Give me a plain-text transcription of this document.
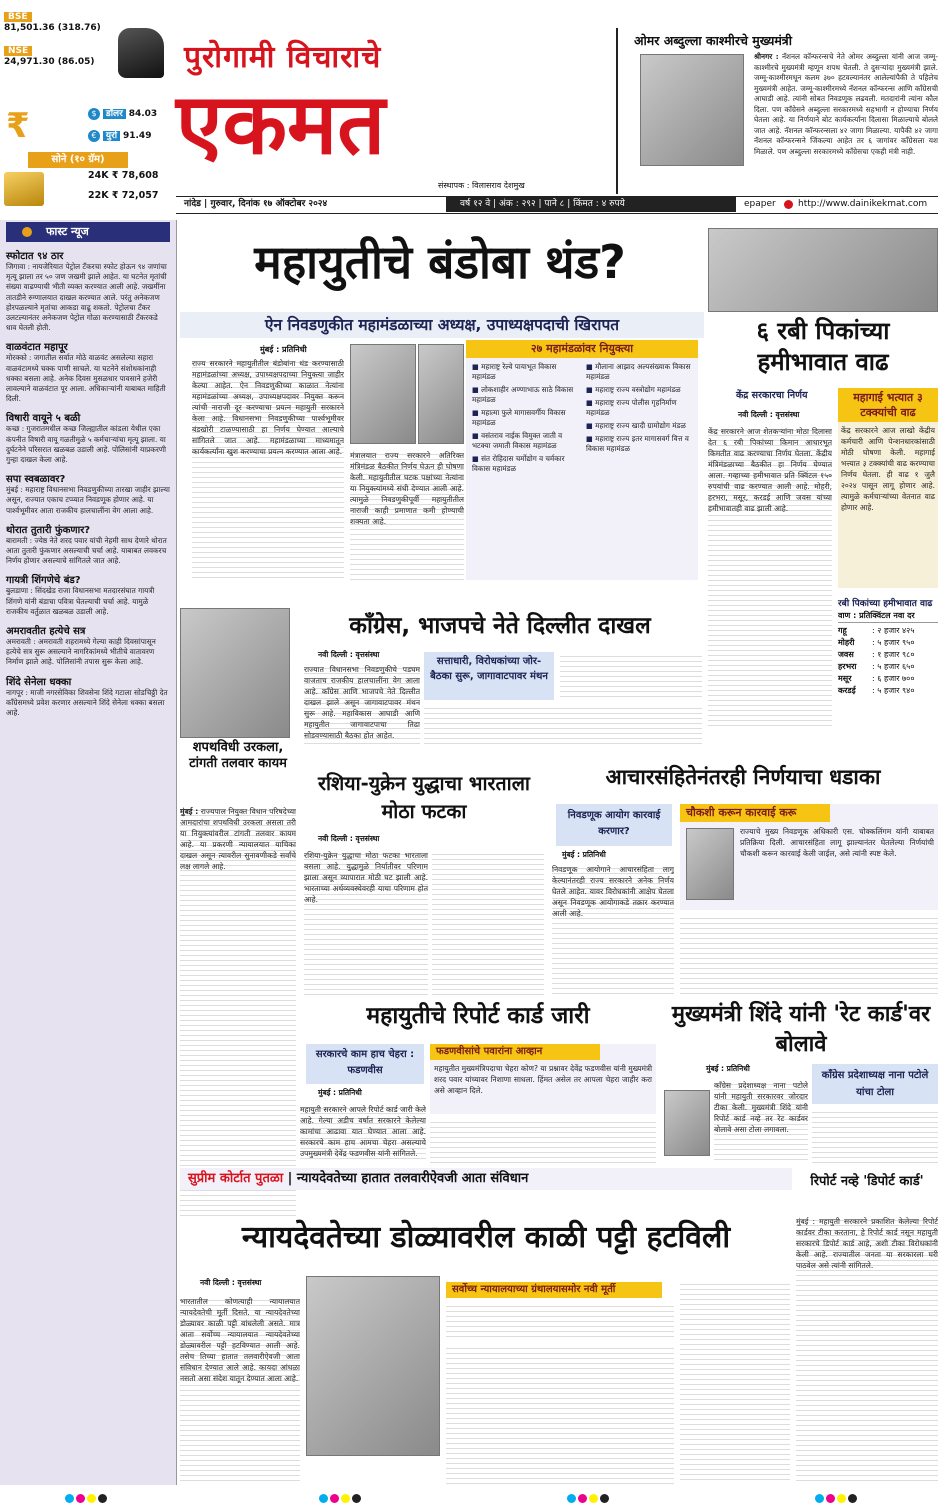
BSE
81,501.36 (318.76)
NSE
24,971.30 (86.05)
$ डॉलर 84.03
€ युरो 91.49
₹
सोने (१० ग्रॅम)
24K ₹ 78,608
22K ₹ 72,057
पुरोगामी विचाराचे
एकमत
संस्थापक : विलासराव देशमुख
ओमर अब्दुल्ला काश्मीरचे मुख्यमंत्री
श्रीनगर : नॅशनल कॉन्फरन्सचे नेते ओमर अब्दुल्ला यांनी आज जम्मू-काश्मीरचे मुख्यमंत्री म्हणून शपथ घेतली. ते दुसऱ्यांदा मुख्यमंत्री झाले. जम्मू-काश्मीरमधून कलम ३७० हटवल्यानंतर आलेल्यांपैकी ते पहिलेच मुख्यमंत्री आहेत. जम्मू-काश्मीरमध्ये नॅशनल कॉन्फरन्स आणि काँग्रेसची आघाडी आहे. त्यांनी सोबत निवडणूक लढवली. मतदारांनी त्यांना कौल दिला. पण काँग्रेसने अब्दुल्ला सरकारमध्ये सहभागी न होण्याचा निर्णय घेतला आहे. या निर्णयाने बोट कार्यकर्त्यांना दिलासा मिळाल्याचे बोलले जात आहे. नॅशनल कॉन्फरन्सला ४२ जागा मिळाल्या. यापैकी ४२ जागा नॅशनल कॉन्फरन्सने जिंकल्या आहेत तर ६ जागांवर काँग्रेसला यश मिळाले. पण अब्दुल्ला सरकारमध्ये काँग्रेसचा एकही मंत्री नाही.
नांदेड | गुरुवार, दिनांक १७ ऑक्टोबर २०२४	वर्ष १२ वे | अंक : २९२ | पाने ८ | किंमत : ४ रुपये	epaper	http://www.dainikekmat.com
फास्ट न्यूज
स्फोटात ९४ ठार
जिगावा : नायजेरियात पेट्रोल टँकरचा स्फोट होऊन ९४ जणांचा मृत्यू झाला तर ५० जण जखमी झाले आहेत. या घटनेत मृतांची संख्या वाढण्याची भीती व्यक्त करण्यात आली आहे. जखमींना तातडीने रुग्णालयात दाखल करण्यात आले. परंतु अनेकजण होरपळल्याने मृतांचा आकडा वाढू शकतो. पेट्रोलचा टँकर उलटल्यानंतर अनेकजण पेट्रोल गोळा करण्यासाठी टँकरकडे धाव घेतली होती.
वाळवंटात महापूर
मोरक्को : जगातील सर्वात मोठे वाळवंट असलेल्या सहारा वाळवंटामध्ये चक्क पाणी साचले. या घटनेने संशोधकांनाही धक्का बसला आहे. अनेक दिवस मुसळधार पावसाने हजेरी लावल्याने वाळवंटात पूर आला. अधिकाऱ्यांनी याबाबत माहिती दिली.
विषारी वायूने ५ बळी
कच्छ : गुजरातमधील कच्छ जिल्ह्यातील कांडला येथील एका कंपनीत विषारी वायू गळतीमुळे ५ कर्मचाऱ्यांचा मृत्यू झाला. या दुर्घटनेने परिसरात खळबळ उडाली आहे. पोलिसांनी याप्रकरणी गुन्हा दाखल केला आहे.
सपा स्वबळावर?
मुंबई : महाराष्ट्र विधानसभा निवडणुकीच्या तारखा जाहीर झाल्या असून, राज्यात एकाच टप्प्यात निवडणूक होणार आहे. या पार्श्वभूमीवर आता राजकीय हालचालींना वेग आला आहे.
थोरात तुतारी फुंकणार?
बारामती : ज्येष्ठ नेते शरद पवार यांची नेहमी साथ देणारे थोरात आता तुतारी फुंकणार असल्याची चर्चा आहे. याबाबत लवकरच निर्णय होणार असल्याचे सांगितले जात आहे.
गायत्री शिंगणेचे बंड?
बुलडाणा : सिंदखेड राजा विधानसभा मतदारसंघात गायत्री शिंगणे यांनी बंडाचा पवित्रा घेतल्याची चर्चा आहे. यामुळे राजकीय वर्तुळात खळबळ उडाली आहे.
अमरावतीत हत्येचे सत्र
अमरावती : अमरावती शहरामध्ये गेल्या काही दिवसांपासून हत्येचे सत्र सुरू असल्याने नागरिकांमध्ये भीतीचे वातावरण निर्माण झाले आहे. पोलिसांनी तपास सुरू केला आहे.
शिंदे सेनेला धक्का
नागपूर : माजी नगरसेविका शिवसेना शिंदे गटाला सोडचिठ्ठी देत काँग्रेसमध्ये प्रवेश करणार असल्याने शिंदे सेनेला धक्का बसला आहे.
महायुतीचे बंडोबा थंड?
ऐन निवडणुकीत महामंडळाच्या अध्यक्ष, उपाध्यक्षपदाची खिरापत
मुंबई : प्रतिनिधी
राज्य सरकारने महायुतीतील बंडोबांना थंड करण्यासाठी महामंडळांच्या अध्यक्ष, उपाध्यक्षपदाच्या नियुक्त्या जाहीर केल्या आहेत. ऐन निवडणुकीच्या काळात नेत्यांना महामंडळांच्या अध्यक्ष, उपाध्यक्षपदावर नियुक्त करून त्यांची नाराजी दूर करण्याचा प्रयत्न महायुती सरकारने केला आहे. विधानसभा निवडणुकीच्या पार्श्वभूमीवर बंडखोरी टाळण्यासाठी हा निर्णय घेण्यात आल्याचे सांगितले जात आहे. महामंडळाच्या माध्यमातून कार्यकर्त्यांना खुश करण्याचा प्रयत्न करण्यात आला आहे. मंत्रालयात राज्य सरकारने अतिरिक्त मंत्रिमंडळ बैठकीत निर्णय घेऊन ही घोषणा केली. महायुतीतील घटक पक्षांच्या नेत्यांना या नियुक्त्यांमध्ये संधी देण्यात आली आहे. त्यामुळे निवडणुकीपूर्वी महायुतीतील नाराजी काही प्रमाणात कमी होण्याची शक्यता आहे.
२७ महामंडळांवर नियुक्त्या
■ महाराष्ट्र रेल्वे पायाभूत विकास महामंडळ
■ लोकशाहीर अण्णाभाऊ साठे विकास महामंडळ
■ महात्मा फुले मागासवर्गीय विकास महामंडळ
■ वसंतराव नाईक विमुक्त जाती व भटक्या जमाती विकास महामंडळ
■ संत रोहिदास चर्मोद्योग व चर्मकार विकास महामंडळ
■ मौलाना आझाद अल्पसंख्याक विकास महामंडळ
■ महाराष्ट्र राज्य वस्त्रोद्योग महामंडळ
■ महाराष्ट्र राज्य पोलीस गृहनिर्माण महामंडळ
■ महाराष्ट्र राज्य खादी ग्रामोद्योग मंडळ
■ महाराष्ट्र राज्य इतर मागासवर्ग वित्त व विकास महामंडळ
६ रबी पिकांच्या हमीभावात वाढ
केंद्र सरकारचा निर्णय
नवी दिल्ली : वृत्तसंस्था
केंद्र सरकारने आज शेतकऱ्यांना मोठा दिलासा देत ६ रबी पिकांच्या किमान आधारभूत किमतीत वाढ करण्याचा निर्णय घेतला. केंद्रीय मंत्रिमंडळाच्या बैठकीत हा निर्णय घेण्यात आला. गव्हाच्या हमीभावात प्रति क्विंटल १५० रुपयांची वाढ करण्यात आली आहे. मोहरी, हरभरा, मसूर, करडई आणि जवस यांच्या हमीभावातही वाढ झाली आहे.
महागाई भत्यात ३ टक्क्यांची वाढ
केंद्र सरकारने आज लाखो केंद्रीय कर्मचारी आणि पेन्शनधारकांसाठी मोठी घोषणा केली. महागाई भत्त्यात ३ टक्क्यांची वाढ करण्याचा निर्णय घेतला. ही वाढ १ जुलै २०२४ पासून लागू होणार आहे. त्यामुळे कर्मचाऱ्यांच्या वेतनात वाढ होणार आहे.
रबी पिकांच्या हमीभावात वाढ
वाण : प्रतिक्विंटल नवा दर
गहू	: २ हजार ४२५
मोहरी	: ५ हजार ९५०
जवस	: १ हजार ९८०
हरभरा	: ५ हजार ६५०
मसूर	: ६ हजार ७००
करडई	: ५ हजार ९४०
शपथविधी उरकला, टांगती तलवार कायम
मुंबई : राज्यपाल नियुक्त विधान परिषदेच्या आमदारांचा शपथविधी उरकला असला तरी या नियुक्त्यांवरील टांगती तलवार कायम आहे. या प्रकरणी न्यायालयात याचिका दाखल असून त्यावरील सुनावणीकडे सर्वांचे लक्ष लागले आहे.
काँग्रेस, भाजपचे नेते दिल्लीत दाखल
नवी दिल्ली : वृत्तसंस्था
राज्यात विधानसभा निवडणुकीचे पडघम वाजताच राजकीय हालचालींना वेग आला आहे. काँग्रेस आणि भाजपचे नेते दिल्लीत दाखल झाले असून जागावाटपावर मंथन सुरू आहे. महाविकास आघाडी आणि महायुतीत जागावाटपाचा तिढा सोडवण्यासाठी बैठका होत आहेत.
सत्ताधारी, विरोधकांच्या जोर-बैठका सुरू, जागावाटपावर मंथन
रशिया-युक्रेन युद्धाचा भारताला मोठा फटका
नवी दिल्ली : वृत्तसंस्था
रशिया-युक्रेन युद्धाचा मोठा फटका भारताला बसला आहे. युद्धामुळे निर्यातीवर परिणाम झाला असून व्यापारात मोठी घट झाली आहे. भारताच्या अर्थव्यवस्थेवरही याचा परिणाम होत आहे.
आचारसंहितेनंतरही निर्णयाचा धडाका
निवडणूक आयोग कारवाई करणार?
मुंबई : प्रतिनिधी
निवडणूक आयोगाने आचारसंहिता लागू केल्यानंतरही राज्य सरकारने अनेक निर्णय घेतले आहेत. यावर विरोधकांनी आक्षेप घेतला असून निवडणूक आयोगाकडे तक्रार करण्यात आली आहे.
चौकशी करून कारवाई करू
राज्याचे मुख्य निवडणूक अधिकारी एस. चोक्कलिंगम यांनी याबाबत प्रतिक्रिया दिली. आचारसंहिता लागू झाल्यानंतर घेतलेल्या निर्णयांची चौकशी करून कारवाई केली जाईल, असे त्यांनी स्पष्ट केले.
महायुतीचे रिपोर्ट कार्ड जारी
सरकारचे काम हाच चेहरा : फडणवीस
मुंबई : प्रतिनिधी
महायुती सरकारने आपले रिपोर्ट कार्ड जारी केले आहे. गेल्या अडीच वर्षात सरकारने केलेल्या कामांचा आढावा यात घेण्यात आला आहे. सरकारचे काम हाच आमचा चेहरा असल्याचे उपमुख्यमंत्री देवेंद्र फडणवीस यांनी सांगितले.
फडणवीसांचे पवारांना आव्हान
महायुतीत मुख्यमंत्रिपदाचा चेहरा कोण? या प्रश्नावर देवेंद्र फडणवीस यांनी मुख्यमंत्री शरद पवार यांच्यावर निशाणा साधला. हिंमत असेल तर आपला चेहरा जाहीर करा असे आव्हान दिले.
मुख्यमंत्री शिंदे यांनी 'रेट कार्ड'वर बोलावे
मुंबई : प्रतिनिधी
काँग्रेस प्रदेशाध्यक्ष नाना पटोले यांनी महायुती सरकारवर जोरदार टीका केली. मुख्यमंत्री शिंदे यांनी रिपोर्ट कार्ड नव्हे तर रेट कार्डवर बोलावे असा टोला लगावला.
काँग्रेस प्रदेशाध्यक्ष नाना पटोले यांचा टोला
रिपोर्ट नव्हे 'डिपोर्ट कार्ड'
मुंबई : महायुती सरकारने प्रकाशित केलेल्या रिपोर्ट कार्डवर टीका करताना, हे रिपोर्ट कार्ड नसून महायुती सरकारचे डिपोर्ट कार्ड आहे, अशी टीका विरोधकांनी केली आहे. राज्यातील जनता या सरकारला घरी पाठवेल असे त्यांनी सांगितले.
सुप्रीम कोर्टात पुतळा | न्यायदेवतेच्या हातात तलवारीऐवजी आता संविधान
न्यायदेवतेच्या डोळ्यावरील काळी पट्टी हटविली
नवी दिल्ली : वृत्तसंस्था
भारतातील कोणत्याही न्यायालयात न्यायदेवतेची मूर्ती दिसते. या न्यायदेवतेच्या डोळ्यावर काळी पट्टी बांधलेली असते. मात्र आता सर्वोच्च न्यायालयात न्यायदेवतेच्या डोळ्यावरील पट्टी हटविण्यात आली आहे. तसेच तिच्या हातात तलवारीऐवजी आता संविधान देण्यात आले आहे. कायदा आंधळा नसतो असा संदेश यातून देण्यात आला आहे.
सर्वोच्च न्यायालयाच्या ग्रंथालयासमोर नवी मूर्ती
